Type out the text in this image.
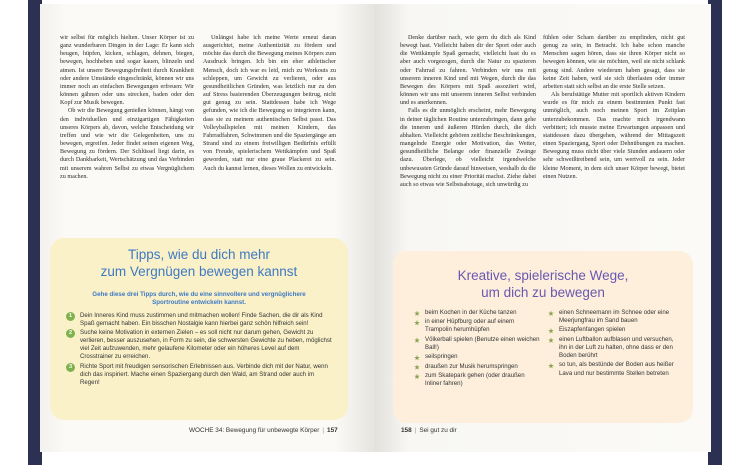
wir selbst für möglich hielten. Unser Körper ist zu ganz wunderbaren Dingen in der Lage: Er kann sich beugen, hüpfen, kicken, schlagen, dehnen, biegen, bewegen, hochheben und sogar kauen, blinzeln und atmen. Ist unsere Bewegungsfreiheit durch Krankheit oder andere Umstände eingeschränkt, können wir uns immer noch an einfachen Bewegungen erfreuen: Wir können gähnen oder uns strecken, baden oder den Kopf zur Musik bewegen.

Ob wir die Bewegung genießen können, hängt von den individuellen und einzigartigen Fähigkeiten unseres Körpers ab, davon, welche Entscheidung wir treffen und wie wir die Gelegenheiten, uns zu bewegen, ergreifen. Jeder findet seinen eigenen Weg, Bewegung zu fördern. Der Schlüssel liegt darin, es durch Dankbarkeit, Wertschätzung und das Verbinden mit unserem wahren Selbst zu etwas Vergnüglichem zu machen.

Unlängst habe ich meine Werte erneut daran ausgerichtet, meine Authentizität zu fördern und möchte das durch die Bewegung meines Körpers zum Ausdruck bringen. Ich bin ein eher athletischer Mensch, doch ich war es leid, mich zu Workouts zu schleppen, um Gewicht zu verlieren, oder aus gesundheitlichen Gründen, was letztlich nur zu den auf Stress basierenden Überzeugungen beitrug, nicht gut genug zu sein. Stattdessen habe ich Wege gefunden, wie ich die Bewegung so integrieren kann, dass sie zu meinem authentischen Selbst passt. Das Volleyballspielen mit meinen Kindern, das Fahrradfahren, Schwimmen und die Spaziergänge am Strand sind zu einem freiwilligen Bedürfnis erfüllt von Freude, spielerischem Wettkämpfen und Spaß geworden, statt nur eine graue Plackerei zu sein. Auch du kannst lernen, dieses Wollen zu entwickeln.

Tipps, wie du dich mehr
zum Vergnügen bewegen kannst
Gehe diese drei Tipps durch, wie du eine sinnvollere und vergnüglichere Sportroutine entwickeln kannst.
1	Dein Inneres Kind muss zustimmen und mitmachen wollen! Finde Sachen, die dir als Kind Spaß gemacht haben. Ein bisschen Nostalgie kann hierbei ganz schön hilfreich sein!
2	Suche keine Motivation in externen Zielen – es soll nicht nur darum gehen, Gewicht zu verlieren, besser auszusehen, in Form zu sein, die schwersten Gewichte zu heben, möglichst viel Zeit aufzuwenden, mehr gelaufene Kilometer oder ein höheres Level auf dem Crosstrainer zu erreichen.
3	Richte Sport mit freudigen sensorischen Erlebnissen aus. Verbinde dich mit der Natur, wenn dich das inspiriert. Mache einen Spaziergang durch den Wald, am Strand oder auch im Regen!
WOCHE 34: Bewegung für unbewegte Körper | 157

Denke darüber nach, wie gern du dich als Kind bewegt hast. Vielleicht haben dir der Sport oder auch die Wettkämpfe Spaß gemacht, vielleicht hast du es aber auch vorgezogen, durch die Natur zu spazieren oder Fahrrad zu fahren. Verbinden wir uns mit unserem inneren Kind und mit Wegen, durch die das Bewegen des Körpers mit Spaß assoziiert wird, können wir uns mit unserem inneren Selbst verbinden und es anerkennen.

Falls es dir unmöglich erscheint, mehr Bewegung in deiner täglichen Routine unterzubringen, dann gehe die inneren und äußeren Hürden durch, die dich abhalten. Vielleicht gehören zeitliche Beschränkungen, mangelnde Energie oder Motivation, das Wetter, gesundheitliche Belange oder finanzielle Zwänge dazu. Überlege, ob vielleicht irgendwelche unbewussten Gründe darauf hinweisen, weshalb du die Bewegung nicht zu einer Priorität machst. Ziehe dabei auch so etwas wie Selbstsabotage, sich unwürdig zu

fühlen oder Scham darüber zu empfinden, nicht gut genug zu sein, in Betracht. Ich habe schon manche Menschen sagen hören, dass sie ihren Körper nicht so bewegen können, wie sie möchten, weil sie nicht schlank genug sind. Andere wiederum haben gesagt, dass sie keine Zeit haben, weil sie sich überlasten oder immer arbeiten statt sich selbst an die erste Stelle setzen.

Als berufstätige Mutter mit sportlich aktiven Kindern wurde es für mich zu einem bestimmten Punkt fast unmöglich, auch noch meinen Sport im Zeitplan unterzubekommen. Das machte mich irgendwann verbittert; ich musste meine Erwartungen anpassen und stattdessen dazu übergehen, während der Mittagszeit einen Spaziergang, Sport oder Dehnübungen zu machen. Bewegung muss nicht über viele Stunden andauern oder sehr schweißtreibend sein, um wertvoll zu sein. Jeder kleine Moment, in dem sich unser Körper bewegt, bietet einen Nutzen.

Kreative, spielerische Wege,
um dich zu bewegen
beim Kochen in der Küche tanzen
in einer Hüpfburg oder auf einem Trampolin herumhüpfen
Völkerball spielen (Benutze einen weichen Ball!)
seilspringen
draußen zur Musik herumspringen
zum Skatepark gehen (oder draußen Inliner fahren)
einen Schneemann im Schnee oder eine Meerjungfrau im Sand bauen
Eiszapfenfangen spielen
einen Luftballon aufblasen und versuchen, ihn in der Luft zu halten, ohne dass er den Boden berührt
so tun, als bestünde der Boden aus heißer Lava und nur bestimmte Stellen betreten
158 | Sei gut zu dir
